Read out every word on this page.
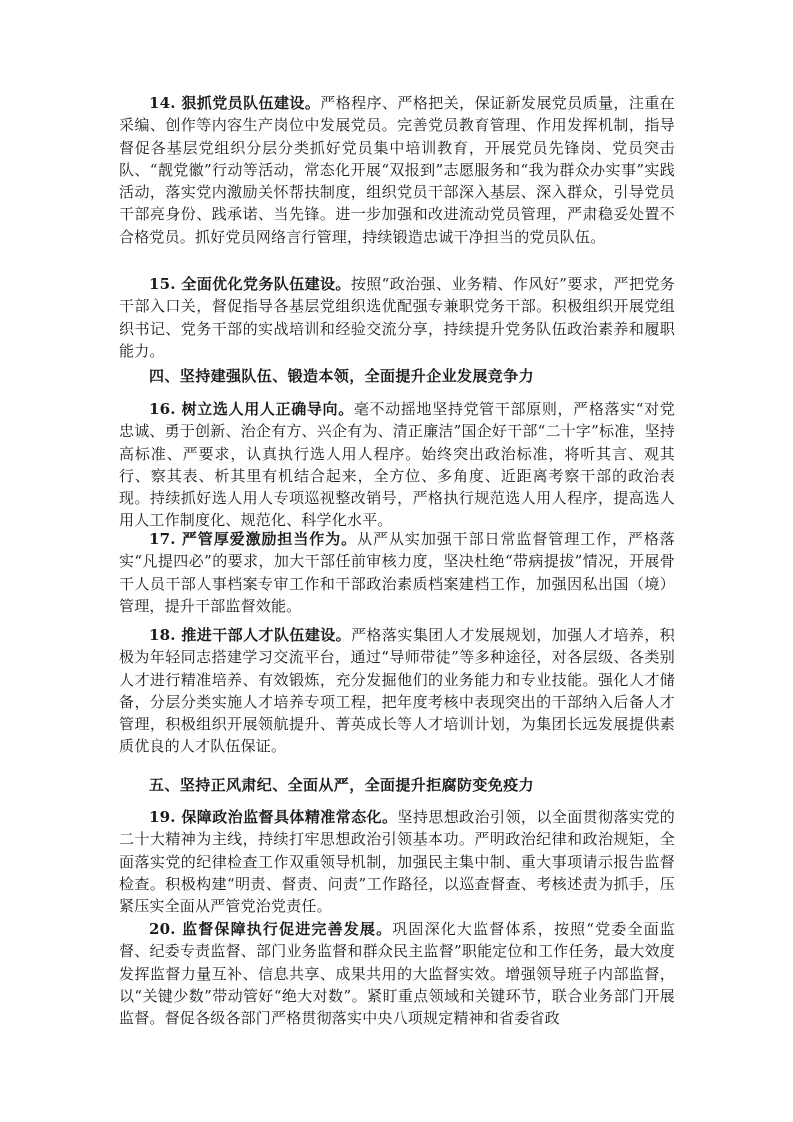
14. 狠抓党员队伍建设。严格程序、严格把关，保证新发展党员质量，注重在采编、创作等内容生产岗位中发展党员。完善党员教育管理、作用发挥机制，指导督促各基层党组织分层分类抓好党员集中培训教育，开展党员先锋岗、党员突击队、“靓党徽”行动等活动，常态化开展“双报到”志愿服务和“我为群众办实事”实践活动，落实党内激励关怀帮扶制度，组织党员干部深入基层、深入群众，引导党员干部亮身份、践承诺、当先锋。进一步加强和改进流动党员管理，严肃稳妥处置不合格党员。抓好党员网络言行管理，持续锻造忠诚干净担当的党员队伍。

15. 全面优化党务队伍建设。按照“政治强、业务精、作风好”要求，严把党务干部入口关，督促指导各基层党组织选优配强专兼职党务干部。积极组织开展党组织书记、党务干部的实战培训和经验交流分享，持续提升党务队伍政治素养和履职能力。

四、坚持建强队伍、锻造本领，全面提升企业发展竞争力

16. 树立选人用人正确导向。毫不动摇地坚持党管干部原则，严格落实“对党忠诚、勇于创新、治企有方、兴企有为、清正廉洁”国企好干部“二十字”标准，坚持高标准、严要求，认真执行选人用人程序。始终突出政治标准，将听其言、观其行、察其表、析其里有机结合起来，全方位、多角度、近距离考察干部的政治表现。持续抓好选人用人专项巡视整改销号，严格执行规范选人用人程序，提高选人用人工作制度化、规范化、科学化水平。

17. 严管厚爱激励担当作为。从严从实加强干部日常监督管理工作，严格落实“凡提四必”的要求，加大干部任前审核力度，坚决杜绝“带病提拔”情况，开展骨干人员干部人事档案专审工作和干部政治素质档案建档工作，加强因私出国（境）管理，提升干部监督效能。

18. 推进干部人才队伍建设。严格落实集团人才发展规划，加强人才培养，积极为年轻同志搭建学习交流平台，通过“导师带徒”等多种途径，对各层级、各类别人才进行精准培养、有效锻炼，充分发掘他们的业务能力和专业技能。强化人才储备，分层分类实施人才培养专项工程，把年度考核中表现突出的干部纳入后备人才管理，积极组织开展领航提升、菁英成长等人才培训计划，为集团长远发展提供素质优良的人才队伍保证。

五、坚持正风肃纪、全面从严，全面提升拒腐防变免疫力

19. 保障政治监督具体精准常态化。坚持思想政治引领，以全面贯彻落实党的二十大精神为主线，持续打牢思想政治引领基本功。严明政治纪律和政治规矩，全面落实党的纪律检查工作双重领导机制，加强民主集中制、重大事项请示报告监督检查。积极构建“明责、督责、问责”工作路径，以巡查督查、考核述责为抓手，压紧压实全面从严管党治党责任。

20. 监督保障执行促进完善发展。巩固深化大监督体系，按照“党委全面监督、纪委专责监督、部门业务监督和群众民主监督”职能定位和工作任务，最大效度发挥监督力量互补、信息共享、成果共用的大监督实效。增强领导班子内部监督，以“关键少数”带动管好“绝大对数”。紧盯重点领域和关键环节，联合业务部门开展监督。督促各级各部门严格贯彻落实中央八项规定精神和省委省政
